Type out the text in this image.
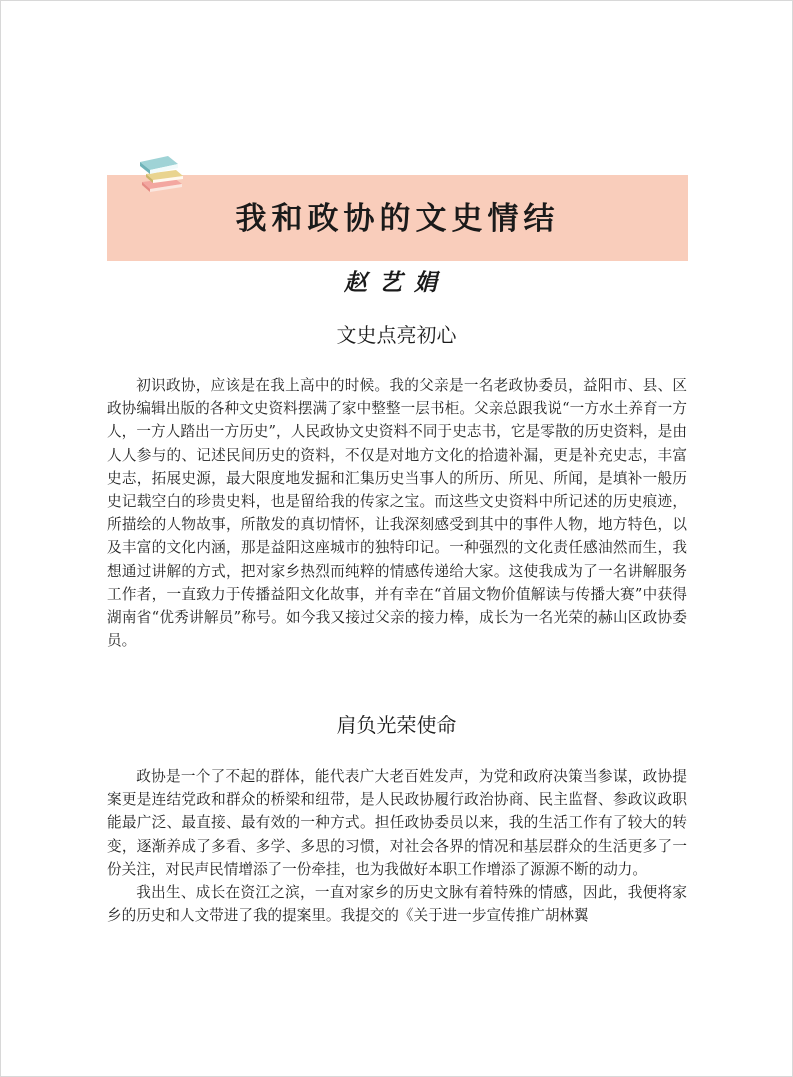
我和政协的文史情结
赵艺娟
文史点亮初心

初识政协，应该是在我上高中的时候。我的父亲是一名老政协委员，益阳市、县、区政协编辑出版的各种文史资料摆满了家中整整一层书柜。父亲总跟我说“一方水土养育一方人，一方人踏出一方历史”，人民政协文史资料不同于史志书，它是零散的历史资料，是由人人参与的、记述民间历史的资料，不仅是对地方文化的拾遗补漏，更是补充史志，丰富史志，拓展史源，最大限度地发掘和汇集历史当事人的所历、所见、所闻，是填补一般历史记载空白的珍贵史料，也是留给我的传家之宝。而这些文史资料中所记述的历史痕迹，所描绘的人物故事，所散发的真切情怀，让我深刻感受到其中的事件人物，地方特色，以及丰富的文化内涵，那是益阳这座城市的独特印记。一种强烈的文化责任感油然而生，我想通过讲解的方式，把对家乡热烈而纯粹的情感传递给大家。这使我成为了一名讲解服务工作者，一直致力于传播益阳文化故事，并有幸在“首届文物价值解读与传播大赛”中获得湖南省“优秀讲解员”称号。如今我又接过父亲的接力棒，成长为一名光荣的赫山区政协委员。

肩负光荣使命

政协是一个了不起的群体，能代表广大老百姓发声，为党和政府决策当参谋，政协提案更是连结党政和群众的桥梁和纽带，是人民政协履行政治协商、民主监督、参政议政职能最广泛、最直接、最有效的一种方式。担任政协委员以来，我的生活工作有了较大的转变，逐渐养成了多看、多学、多思的习惯，对社会各界的情况和基层群众的生活更多了一份关注，对民声民情增添了一份牵挂，也为我做好本职工作增添了源源不断的动力。

我出生、成长在资江之滨，一直对家乡的历史文脉有着特殊的情感，因此，我便将家乡的历史和人文带进了我的提案里。我提交的《关于进一步宣传推广胡林翼
